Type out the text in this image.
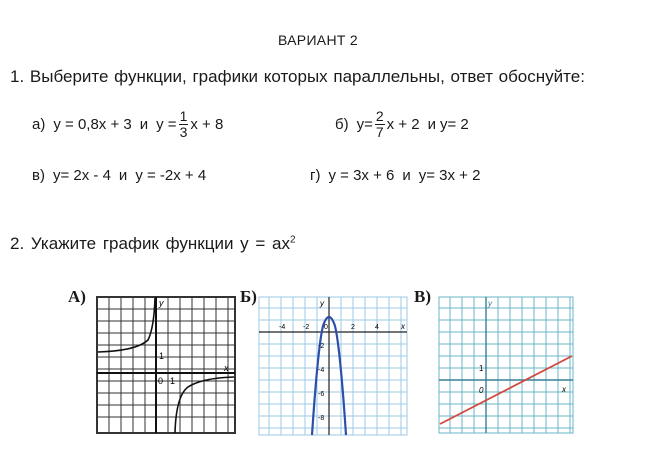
ВАРИАНТ 2
1. Выберите функции, графики которых параллельны, ответ обоснуйте:
а) y = 0,8x + 3 и $y = \frac{1}{3}$ x + 8	б) $y= \frac{2}{7}$ x + 2 и y= 2
в) y= 2x - 4 и y = -2x + 4	г) y = 3x + 6 и y= 3x + 2
2. Укажите график функции $y = ax^2$
А)	Б)	В)
y
x
1
0 1
y
x
-4	-2 0	2	4
-2
-4
-6
-8
y
x
1
0
